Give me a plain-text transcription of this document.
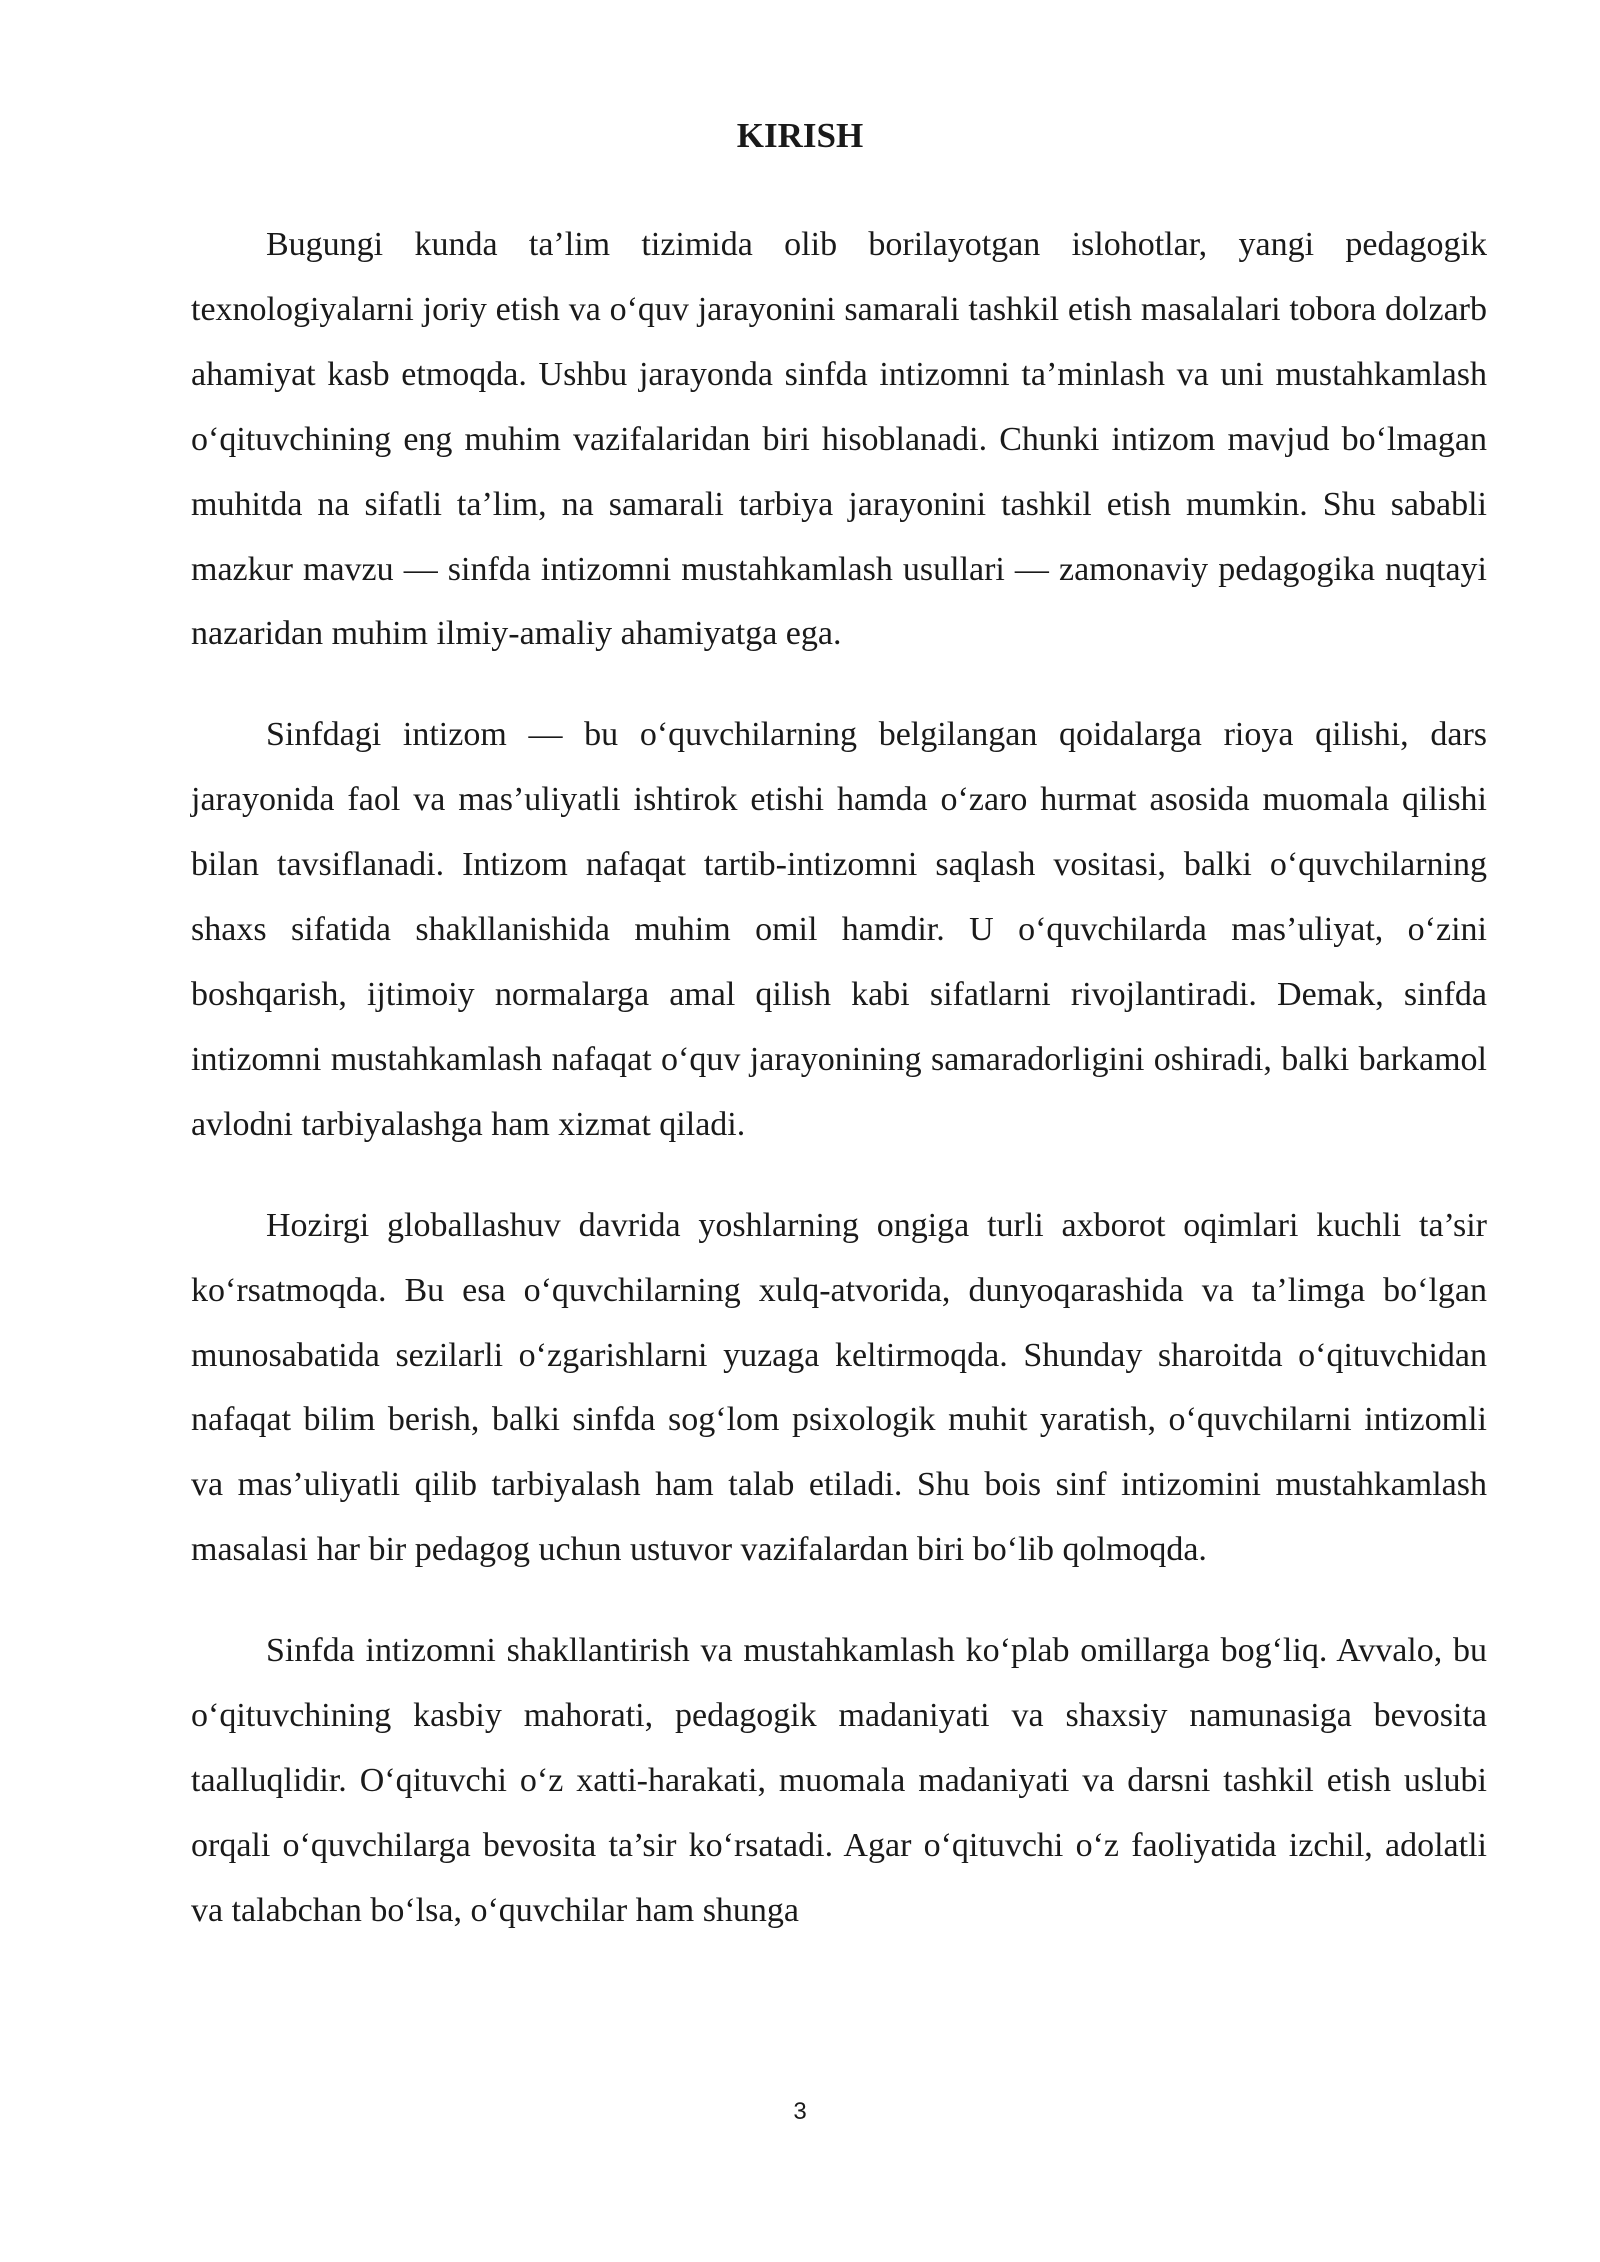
KIRISH

Bugungi kunda ta’lim tizimida olib borilayotgan islohotlar, yangi pedagogik texnologiyalarni joriy etish va o‘quv jarayonini samarali tashkil etish masalalari tobora dolzarb ahamiyat kasb etmoqda. Ushbu jarayonda sinfda intizomni ta’minlash va uni mustahkamlash o‘qituvchining eng muhim vazifalaridan biri hisoblanadi. Chunki intizom mavjud bo‘lmagan muhitda na sifatli ta’lim, na samarali tarbiya jarayonini tashkil etish mumkin. Shu sababli mazkur mavzu — sinfda intizomni mustahkamlash usullari — zamonaviy pedagogika nuqtayi nazaridan muhim ilmiy-amaliy ahamiyatga ega.

Sinfdagi intizom — bu o‘quvchilarning belgilangan qoidalarga rioya qilishi, dars jarayonida faol va mas’uliyatli ishtirok etishi hamda o‘zaro hurmat asosida muomala qilishi bilan tavsiflanadi. Intizom nafaqat tartib-intizomni saqlash vositasi, balki o‘quvchilarning shaxs sifatida shakllanishida muhim omil hamdir. U o‘quvchilarda mas’uliyat, o‘zini boshqarish, ijtimoiy normalarga amal qilish kabi sifatlarni rivojlantiradi. Demak, sinfda intizomni mustahkamlash nafaqat o‘quv jarayonining samaradorligini oshiradi, balki barkamol avlodni tarbiyalashga ham xizmat qiladi.

Hozirgi globallashuv davrida yoshlarning ongiga turli axborot oqimlari kuchli ta’sir ko‘rsatmoqda. Bu esa o‘quvchilarning xulq-atvorida, dunyoqarashida va ta’limga bo‘lgan munosabatida sezilarli o‘zgarishlarni yuzaga keltirmoqda. Shunday sharoitda o‘qituvchidan nafaqat bilim berish, balki sinfda sog‘lom psixologik muhit yaratish, o‘quvchilarni intizomli va mas’uliyatli qilib tarbiyalash ham talab etiladi. Shu bois sinf intizomini mustahkamlash masalasi har bir pedagog uchun ustuvor vazifalardan biri bo‘lib qolmoqda.

Sinfda intizomni shakllantirish va mustahkamlash ko‘plab omillarga bog‘liq. Avvalo, bu o‘qituvchining kasbiy mahorati, pedagogik madaniyati va shaxsiy namunasiga bevosita taalluqlidir. O‘qituvchi o‘z xatti-harakati, muomala madaniyati va darsni tashkil etish uslubi orqali o‘quvchilarga bevosita ta’sir ko‘rsatadi. Agar o‘qituvchi o‘z faoliyatida izchil, adolatli va talabchan bo‘lsa, o‘quvchilar ham shunga

3
